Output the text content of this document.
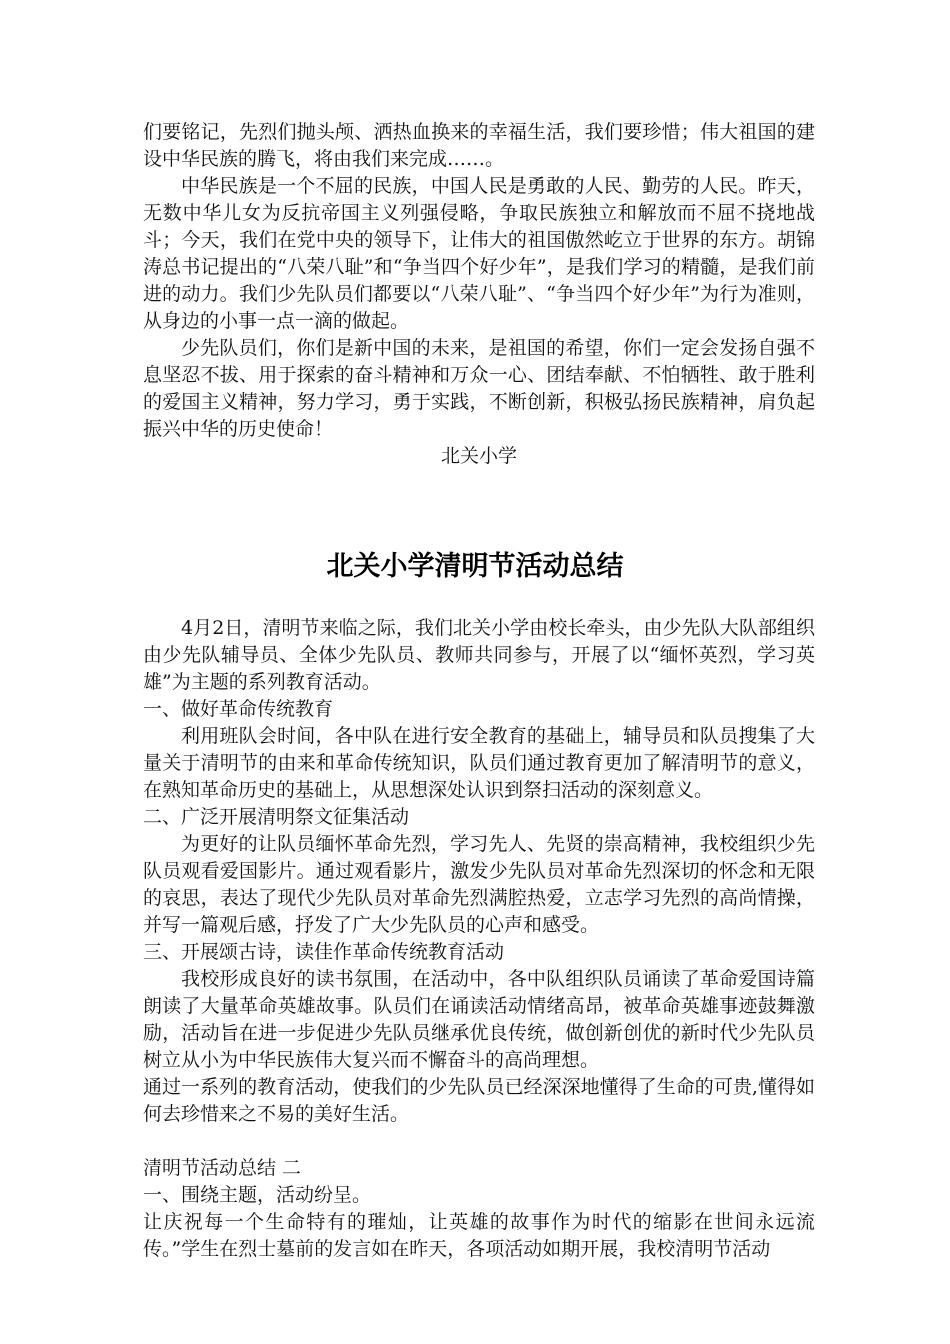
们要铭记，先烈们抛头颅、洒热血换来的幸福生活，我们要珍惜；伟大祖国的建设中华民族的腾飞，将由我们来完成……。

中华民族是一个不屈的民族，中国人民是勇敢的人民、勤劳的人民。昨天，无数中华儿女为反抗帝国主义列强侵略，争取民族独立和解放而不屈不挠地战斗；今天，我们在党中央的领导下，让伟大的祖国傲然屹立于世界的东方。胡锦涛总书记提出的“八荣八耻”和“争当四个好少年”，是我们学习的精髓，是我们前进的动力。我们少先队员们都要以“八荣八耻”、“争当四个好少年”为行为准则，从身边的小事一点一滴的做起。

少先队员们，你们是新中国的未来，是祖国的希望，你们一定会发扬自强不息坚忍不拔、用于探索的奋斗精神和万众一心、团结奉献、不怕牺牲、敢于胜利的爱国主义精神，努力学习，勇于实践，不断创新，积极弘扬民族精神，肩负起振兴中华的历史使命！

北关小学

北关小学清明节活动总结

4月2日，清明节来临之际，我们北关小学由校长牵头，由少先队大队部组织由少先队辅导员、全体少先队员、教师共同参与，开展了以“缅怀英烈，学习英雄”为主题的系列教育活动。

一、做好革命传统教育

利用班队会时间，各中队在进行安全教育的基础上，辅导员和队员搜集了大量关于清明节的由来和革命传统知识，队员们通过教育更加了解清明节的意义，在熟知革命历史的基础上，从思想深处认识到祭扫活动的深刻意义。

二、广泛开展清明祭文征集活动

为更好的让队员缅怀革命先烈，学习先人、先贤的崇高精神，我校组织少先队员观看爱国影片。通过观看影片，激发少先队员对革命先烈深切的怀念和无限的哀思，表达了现代少先队员对革命先烈满腔热爱，立志学习先烈的高尚情操，并写一篇观后感，抒发了广大少先队员的心声和感受。

三、开展颂古诗，读佳作革命传统教育活动

我校形成良好的读书氛围，在活动中，各中队组织队员诵读了革命爱国诗篇朗读了大量革命英雄故事。队员们在诵读活动情绪高昂，被革命英雄事迹鼓舞激励，活动旨在进一步促进少先队员继承优良传统，做创新创优的新时代少先队员树立从小为中华民族伟大复兴而不懈奋斗的高尚理想。

通过一系列的教育活动，使我们的少先队员已经深深地懂得了生命的可贵,懂得如何去珍惜来之不易的美好生活。

清明节活动总结 二

一、围绕主题，活动纷呈。

让庆祝每一个生命特有的璀灿，让英雄的故事作为时代的缩影在世间永远流传。”学生在烈士墓前的发言如在昨天，各项活动如期开展，我校清明节活动
